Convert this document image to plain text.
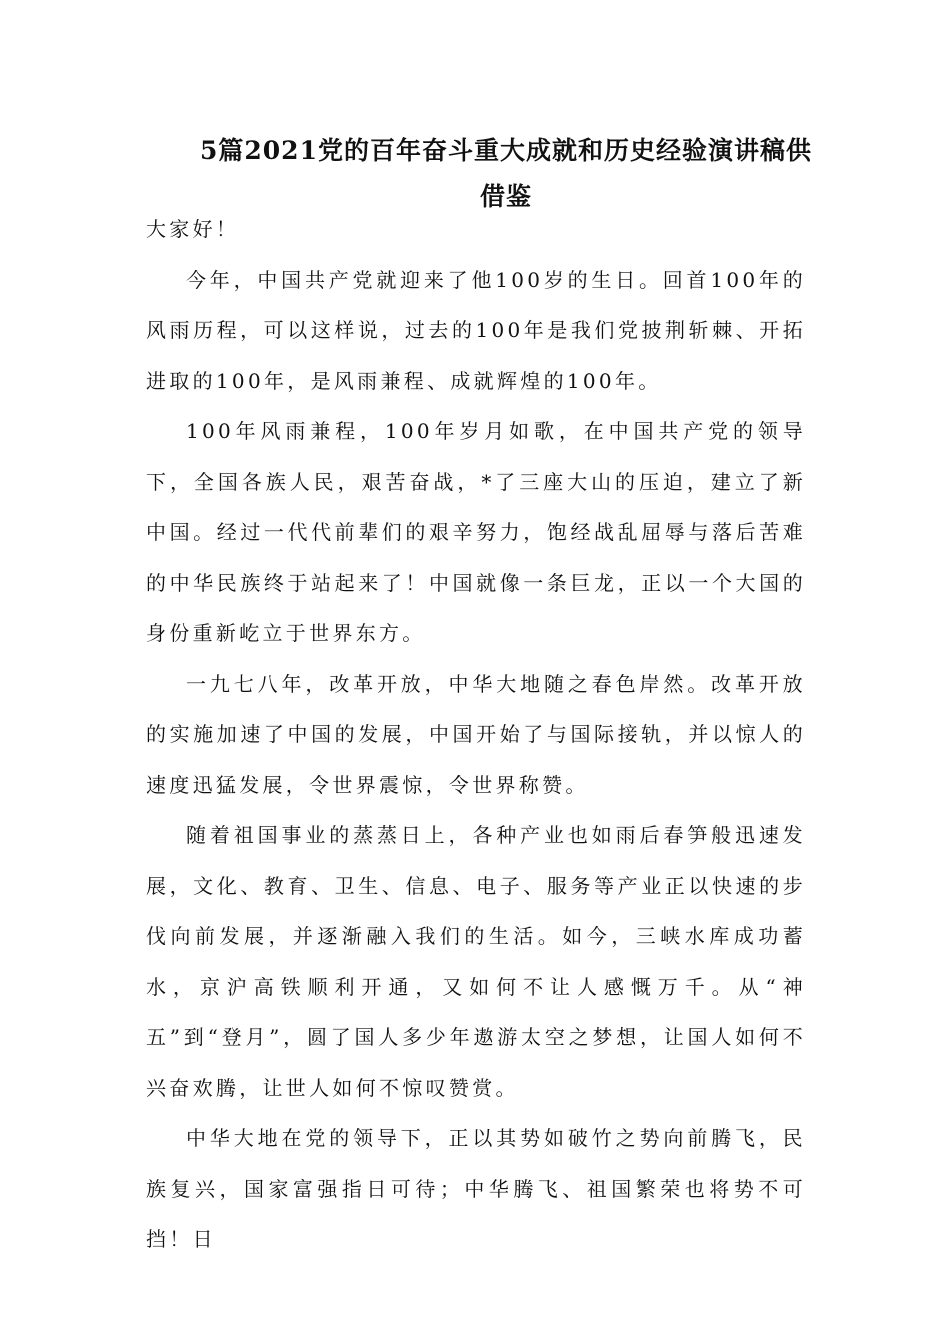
5篇2021党的百年奋斗重大成就和历史经验演讲稿供
借鉴

大家好！

今年，中国共产党就迎来了他100岁的生日。回首100年的风雨历程，可以这样说，过去的100年是我们党披荆斩棘、开拓进取的100年，是风雨兼程、成就辉煌的100年。

100年风雨兼程，100年岁月如歌，在中国共产党的领导下，全国各族人民，艰苦奋战，*了三座大山的压迫，建立了新中国。经过一代代前辈们的艰辛努力，饱经战乱屈辱与落后苦难的中华民族终于站起来了！中国就像一条巨龙，正以一个大国的身份重新屹立于世界东方。

一九七八年，改革开放，中华大地随之春色岸然。改革开放的实施加速了中国的发展，中国开始了与国际接轨，并以惊人的速度迅猛发展，令世界震惊，令世界称赞。

随着祖国事业的蒸蒸日上，各种产业也如雨后春笋般迅速发展，文化、教育、卫生、信息、电子、服务等产业正以快速的步伐向前发展，并逐渐融入我们的生活。如今，三峡水库成功蓄水，京沪高铁顺利开通，又如何不让人感慨万千。从“神五”到“登月”，圆了国人多少年遨游太空之梦想，让国人如何不兴奋欢腾，让世人如何不惊叹赞赏。

中华大地在党的领导下，正以其势如破竹之势向前腾飞，民族复兴，国家富强指日可待；中华腾飞、祖国繁荣也将势不可挡！日
